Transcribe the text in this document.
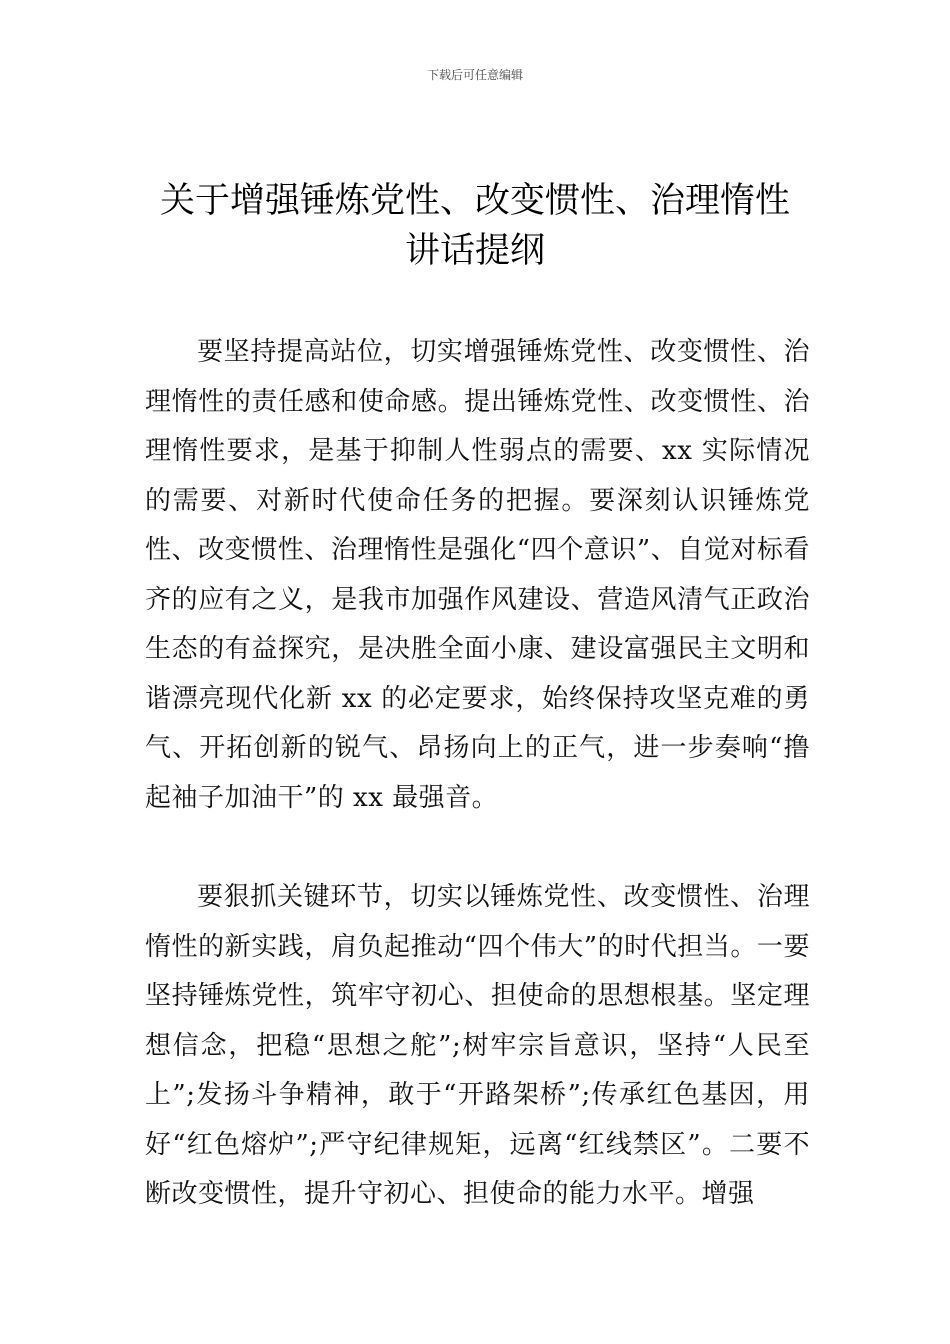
下载后可任意编辑
关于增强锤炼党性、改变惯性、治理惰性
讲话提纲

要坚持提高站位，切实增强锤炼党性、改变惯性、治理惰性的责任感和使命感。提出锤炼党性、改变惯性、治理惰性要求，是基于抑制人性弱点的需要、xx 实际情况的需要、对新时代使命任务的把握。要深刻认识锤炼党性、改变惯性、治理惰性是强化“四个意识”、自觉对标看齐的应有之义，是我市加强作风建设、营造风清气正政治生态的有益探究，是决胜全面小康、建设富强民主文明和谐漂亮现代化新 xx 的必定要求，始终保持攻坚克难的勇气、开拓创新的锐气、昂扬向上的正气，进一步奏响“撸起袖子加油干”的 xx 最强音。

要狠抓关键环节，切实以锤炼党性、改变惯性、治理惰性的新实践，肩负起推动“四个伟大”的时代担当。一要坚持锤炼党性，筑牢守初心、担使命的思想根基。坚定理想信念，把稳“思想之舵”;树牢宗旨意识，坚持“人民至上”;发扬斗争精神，敢于“开路架桥”;传承红色基因，用好“红色熔炉”;严守纪律规矩，远离“红线禁区”。二要不断改变惯性，提升守初心、担使命的能力水平。增强
